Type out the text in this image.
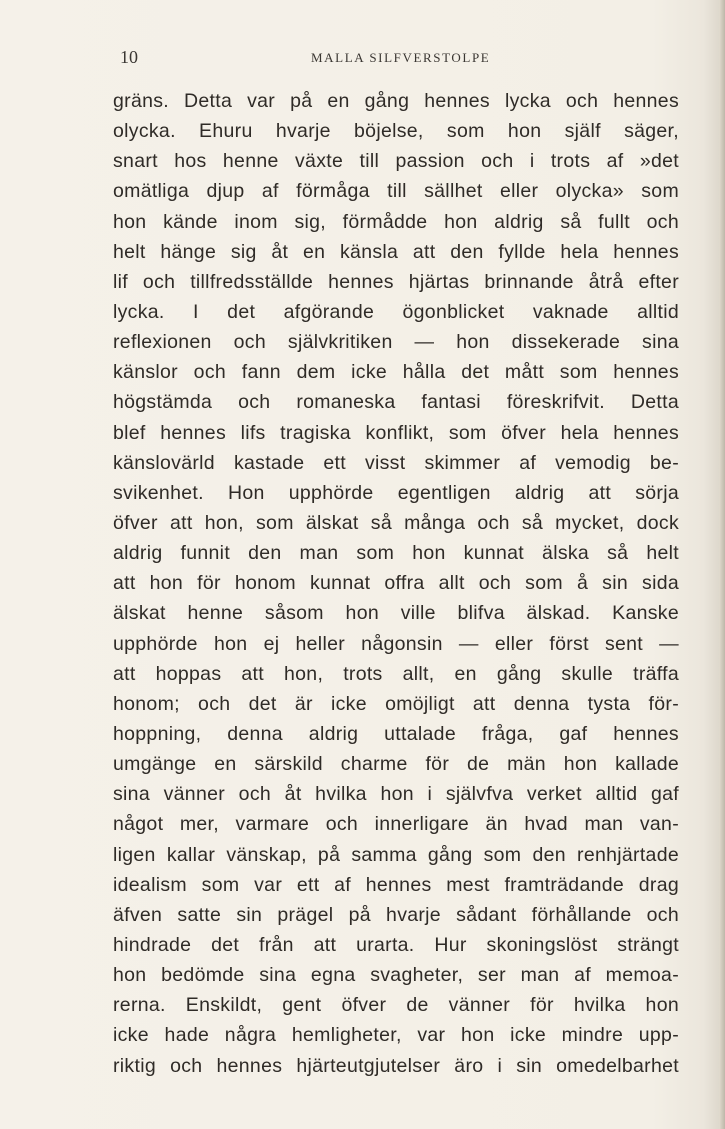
10	MALLA SILFVERSTOLPE
gräns. Detta var på en gång hennes lycka och hennes
olycka. Ehuru hvarje böjelse, som hon själf säger,
snart hos henne växte till passion och i trots af »det
omätliga djup af förmåga till sällhet eller olycka» som
hon kände inom sig, förmådde hon aldrig så fullt och
helt hänge sig åt en känsla att den fyllde hela hennes
lif och tillfredsställde hennes hjärtas brinnande åtrå efter
lycka. I det afgörande ögonblicket vaknade alltid
reflexionen och självkritiken — hon dissekerade sina
känslor och fann dem icke hålla det mått som hennes
högstämda och romaneska fantasi föreskrifvit. Detta
blef hennes lifs tragiska konflikt, som öfver hela hennes
känslovärld kastade ett visst skimmer af vemodig be-
svikenhet. Hon upphörde egentligen aldrig att sörja
öfver att hon, som älskat så många och så mycket, dock
aldrig funnit den man som hon kunnat älska så helt
att hon för honom kunnat offra allt och som å sin sida
älskat henne såsom hon ville blifva älskad. Kanske
upphörde hon ej heller någonsin — eller först sent —
att hoppas att hon, trots allt, en gång skulle träffa
honom; och det är icke omöjligt att denna tysta för-
hoppning, denna aldrig uttalade fråga, gaf hennes
umgänge en särskild charme för de män hon kallade
sina vänner och åt hvilka hon i självfva verket alltid gaf
något mer, varmare och innerligare än hvad man van-
ligen kallar vänskap, på samma gång som den renhjärtade
idealism som var ett af hennes mest framträdande drag
äfven satte sin prägel på hvarje sådant förhållande och
hindrade det från att urarta. Hur skoningslöst strängt
hon bedömde sina egna svagheter, ser man af memoa-
rerna. Enskildt, gent öfver de vänner för hvilka hon
icke hade några hemligheter, var hon icke mindre upp-
riktig och hennes hjärteutgjutelser äro i sin omedelbarhet
